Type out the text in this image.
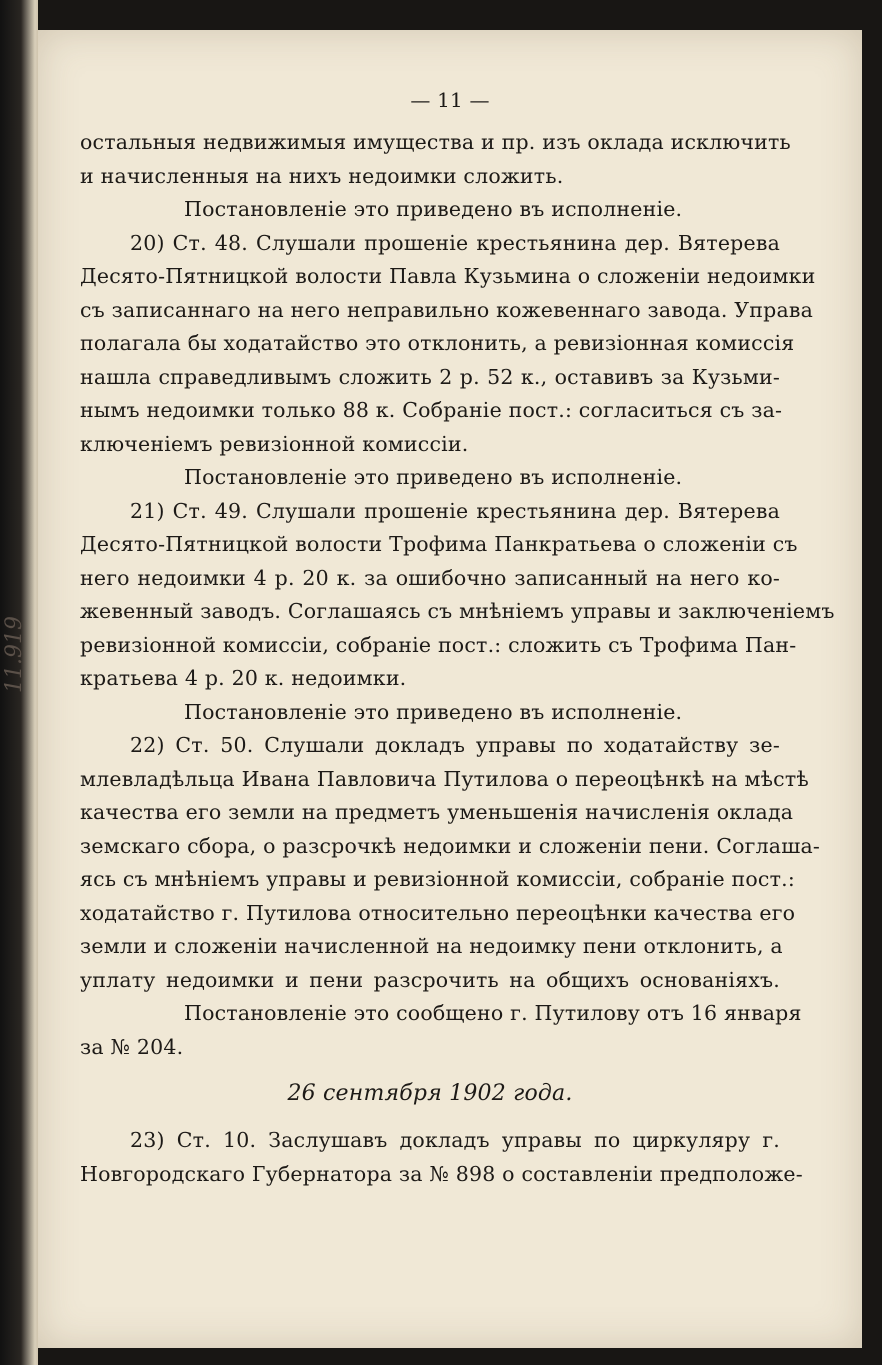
11.919
— 11 —
остальныя недвижимыя имущества и пр. изъ оклада исключить
и начисленныя на нихъ недоимки сложить.
Постановленіе это приведено въ исполненіе.
20) Ст. 48. Слушали прошеніе крестьянина дер. Вятерева
Десято-Пятницкой волости Павла Кузьмина о сложеніи недоимки
съ записаннаго на него неправильно кожевеннаго завода. Управа
полагала бы ходатайство это отклонить, а ревизіонная комиссія
нашла справедливымъ сложить 2 р. 52 к., оставивъ за Кузьми-
нымъ недоимки только 88 к. Собраніе пост.: согласиться съ за-
ключеніемъ ревизіонной комиссіи.
Постановленіе это приведено въ исполненіе.
21) Ст. 49. Слушали прошеніе крестьянина дер. Вятерева
Десято-Пятницкой волости Трофима Панкратьева о сложеніи съ
него недоимки 4 р. 20 к. за ошибочно записанный на него ко-
жевенный заводъ. Соглашаясь съ мнѣніемъ управы и заключеніемъ
ревизіонной комиссіи, собраніе пост.: сложить съ Трофима Пан-
кратьева 4 р. 20 к. недоимки.
Постановленіе это приведено въ исполненіе.
22) Ст. 50. Слушали докладъ управы по ходатайству зе-
млевладѣльца Ивана Павловича Путилова о переоцѣнкѣ на мѣстѣ
качества его земли на предметъ уменьшенія начисленія оклада
земскаго сбора, о разсрочкѣ недоимки и сложеніи пени. Соглаша-
ясь съ мнѣніемъ управы и ревизіонной комиссіи, собраніе пост.:
ходатайство г. Путилова относительно переоцѣнки качества его
земли и сложеніи начисленной на недоимку пени отклонить, а
уплату недоимки и пени разсрочить на общихъ основаніяхъ.
Постановленіе это сообщено г. Путилову отъ 16 января
за № 204.
26 сентября 1902 года.
23) Ст. 10. Заслушавъ докладъ управы по циркуляру г.
Новгородскаго Губернатора за № 898 о составленіи предположе-
